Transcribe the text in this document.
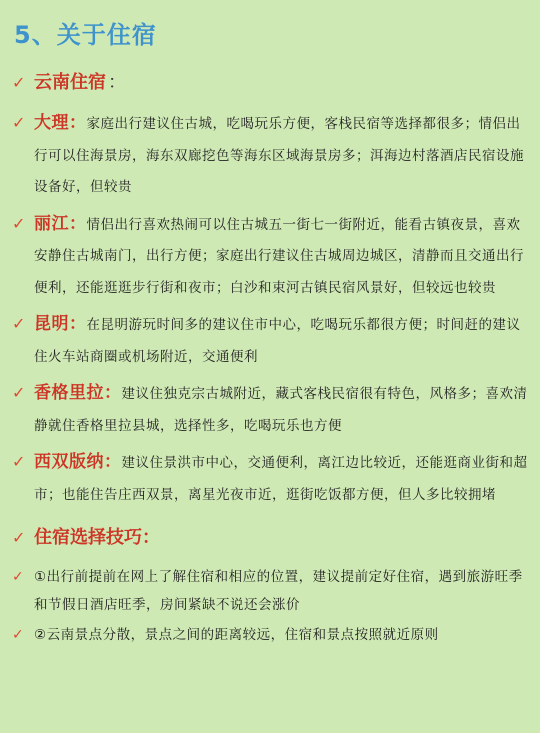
5、关于住宿
✓ 云南住宿 ：
✓ 大理：家庭出行建议住古城，吃喝玩乐方便，客栈民宿等选择都很多；情侣出行可以住海景房，海东双廊挖色等海东区域海景房多；洱海边村落酒店民宿设施设备好，但较贵
✓ 丽江：情侣出行喜欢热闹可以住古城五一街七一街附近，能看古镇夜景，喜欢安静住古城南门，出行方便；家庭出行建议住古城周边城区，清静而且交通出行便利，还能逛逛步行街和夜市；白沙和束河古镇民宿风景好，但较远也较贵
✓ 昆明：在昆明游玩时间多的建议住市中心，吃喝玩乐都很方便；时间赶的建议住火车站商圈或机场附近，交通便利
✓ 香格里拉：建议住独克宗古城附近，藏式客栈民宿很有特色，风格多；喜欢清静就住香格里拉县城，选择性多，吃喝玩乐也方便
✓ 西双版纳：建议住景洪市中心，交通便利，离江边比较近，还能逛商业街和超市；也能住告庄西双景，离星光夜市近，逛街吃饭都方便，但人多比较拥堵
✓ 住宿选择技巧：
✓ ①出行前提前在网上了解住宿和相应的位置，建议提前定好住宿，遇到旅游旺季和节假日酒店旺季，房间紧缺不说还会涨价
✓ ②云南景点分散，景点之间的距离较远，住宿和景点按照就近原则
